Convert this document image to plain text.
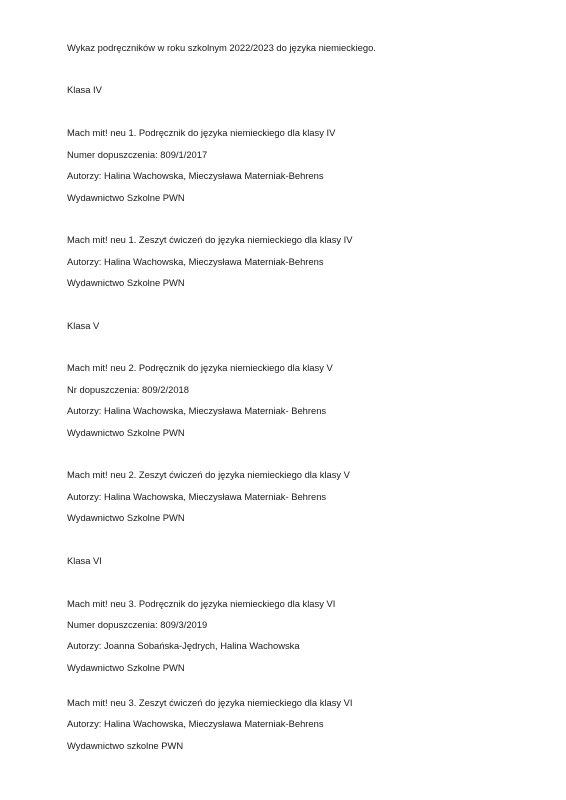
Wykaz podręczników w roku szkolnym 2022/2023 do języka niemieckiego.
Klasa IV
Mach mit! neu 1. Podręcznik do języka niemieckiego dla klasy IV
Numer dopuszczenia: 809/1/2017
Autorzy: Halina Wachowska, Mieczysława Materniak-Behrens
Wydawnictwo Szkolne PWN
Mach mit! neu 1. Zeszyt ćwiczeń do języka niemieckiego dla klasy IV
Autorzy: Halina Wachowska, Mieczysława Materniak-Behrens
Wydawnictwo Szkolne PWN
Klasa V
Mach mit! neu 2. Podręcznik do języka niemieckiego dla klasy V
Nr dopuszczenia: 809/2/2018
Autorzy: Halina Wachowska, Mieczysława Materniak- Behrens
Wydawnictwo Szkolne PWN
Mach mit! neu 2. Zeszyt ćwiczeń do języka niemieckiego dla klasy V
Autorzy: Halina Wachowska, Mieczysława Materniak- Behrens
Wydawnictwo Szkolne PWN
Klasa VI
Mach mit! neu 3. Podręcznik do języka niemieckiego dla klasy VI
Numer dopuszczenia: 809/3/2019
Autorzy: Joanna Sobańska-Jędrych, Halina Wachowska
Wydawnictwo Szkolne PWN
Mach mit! neu 3. Zeszyt ćwiczeń do języka niemieckiego dla klasy VI
Autorzy: Halina Wachowska, Mieczysława Materniak-Behrens
Wydawnictwo szkolne PWN
